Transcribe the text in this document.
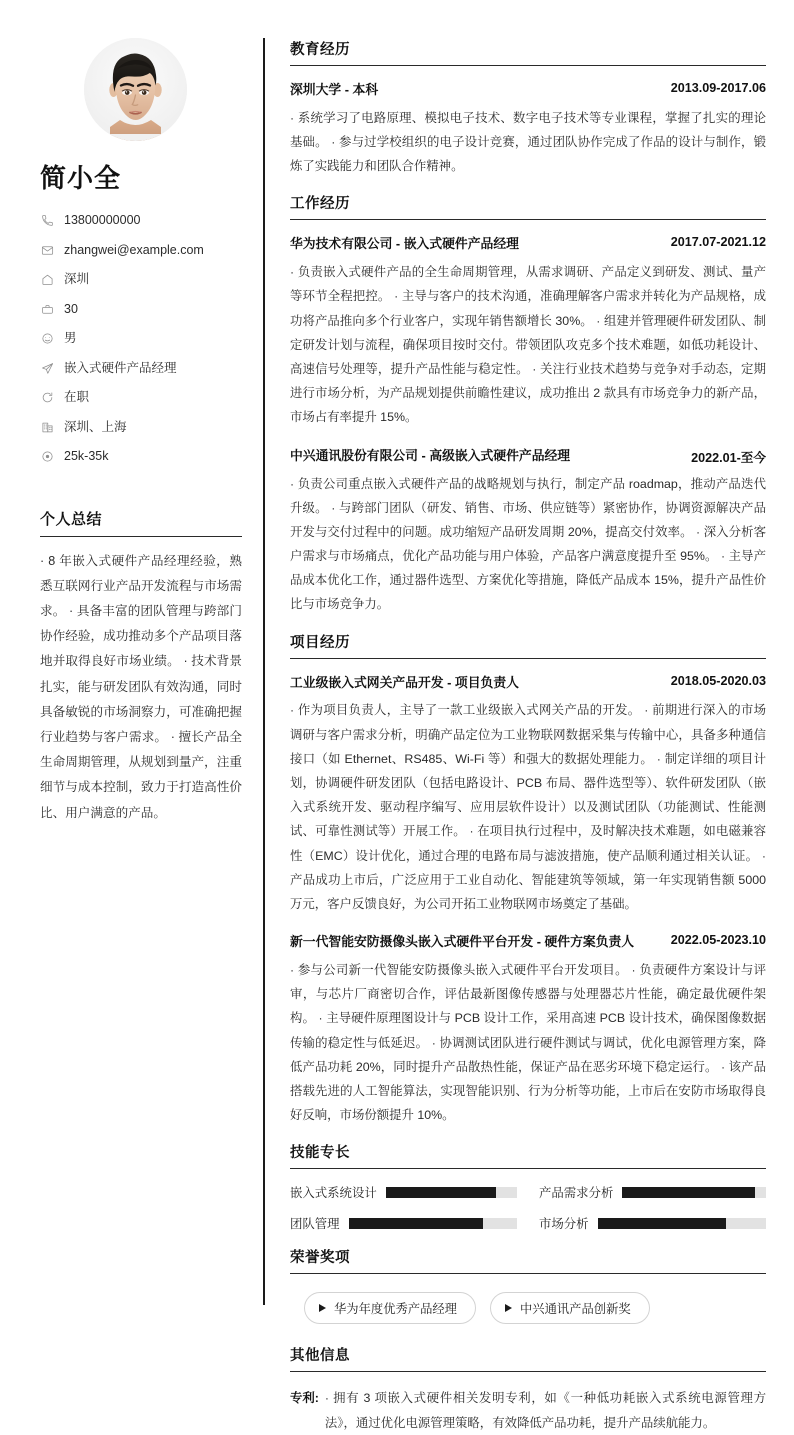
简小全
13800000000
zhangwei@example.com
深圳
30
男
嵌入式硬件产品经理
在职
深圳、上海
25k-35k
个人总结
· 8 年嵌入式硬件产品经理经验，熟悉互联网行业产品开发流程与市场需求。 · 具备丰富的团队管理与跨部门协作经验，成功推动多个产品项目落地并取得良好市场业绩。 · 技术背景扎实，能与研发团队有效沟通，同时具备敏锐的市场洞察力，可准确把握行业趋势与客户需求。 · 擅长产品全生命周期管理，从规划到量产，注重细节与成本控制，致力于打造高性价比、用户满意的产品。
教育经历
深圳大学 - 本科	2013.09-2017.06
· 系统学习了电路原理、模拟电子技术、数字电子技术等专业课程，掌握了扎实的理论基础。 · 参与过学校组织的电子设计竞赛，通过团队协作完成了作品的设计与制作，锻炼了实践能力和团队合作精神。
工作经历
华为技术有限公司 - 嵌入式硬件产品经理	2017.07-2021.12
· 负责嵌入式硬件产品的全生命周期管理，从需求调研、产品定义到研发、测试、量产等环节全程把控。 · 主导与客户的技术沟通，准确理解客户需求并转化为产品规格，成功将产品推向多个行业客户，实现年销售额增长 30%。 · 组建并管理硬件研发团队、制定研发计划与流程，确保项目按时交付。带领团队攻克多个技术难题，如低功耗设计、高速信号处理等，提升产品性能与稳定性。 · 关注行业技术趋势与竞争对手动态，定期进行市场分析，为产品规划提供前瞻性建议，成功推出 2 款具有市场竞争力的新产品，市场占有率提升 15%。
中兴通讯股份有限公司 - 高级嵌入式硬件产品经理	2022.01-至今
· 负责公司重点嵌入式硬件产品的战略规划与执行，制定产品 roadmap，推动产品迭代升级。 · 与跨部门团队（研发、销售、市场、供应链等）紧密协作，协调资源解决产品开发与交付过程中的问题。成功缩短产品研发周期 20%，提高交付效率。 · 深入分析客户需求与市场痛点，优化产品功能与用户体验，产品客户满意度提升至 95%。 · 主导产品成本优化工作，通过器件选型、方案优化等措施，降低产品成本 15%，提升产品性价比与市场竞争力。
项目经历
工业级嵌入式网关产品开发 - 项目负责人	2018.05-2020.03
· 作为项目负责人，主导了一款工业级嵌入式网关产品的开发。 · 前期进行深入的市场调研与客户需求分析，明确产品定位为工业物联网数据采集与传输中心，具备多种通信接口（如 Ethernet、RS485、Wi-Fi 等）和强大的数据处理能力。 · 制定详细的项目计划，协调硬件研发团队（包括电路设计、PCB 布局、器件选型等）、软件研发团队（嵌入式系统开发、驱动程序编写、应用层软件设计）以及测试团队（功能测试、性能测试、可靠性测试等）开展工作。 · 在项目执行过程中，及时解决技术难题，如电磁兼容性（EMC）设计优化，通过合理的电路布局与滤波措施，使产品顺利通过相关认证。 · 产品成功上市后，广泛应用于工业自动化、智能建筑等领域，第一年实现销售额 5000 万元，客户反馈良好，为公司开拓工业物联网市场奠定了基础。
新一代智能安防摄像头嵌入式硬件平台开发 - 硬件方案负责人	2022.05-2023.10
· 参与公司新一代智能安防摄像头嵌入式硬件平台开发项目。 · 负责硬件方案设计与评审，与芯片厂商密切合作，评估最新图像传感器与处理器芯片性能，确定最优硬件架构。 · 主导硬件原理图设计与 PCB 设计工作，采用高速 PCB 设计技术，确保图像数据传输的稳定性与低延迟。 · 协调测试团队进行硬件测试与调试，优化电源管理方案，降低产品功耗 20%，同时提升产品散热性能，保证产品在恶劣环境下稳定运行。 · 该产品搭载先进的人工智能算法，实现智能识别、行为分析等功能，上市后在安防市场取得良好反响，市场份额提升 10%。
技能专长
嵌入式系统设计	产品需求分析
团队管理	市场分析
荣誉奖项
华为年度优秀产品经理	中兴通讯产品创新奖
其他信息
专利: · 拥有 3 项嵌入式硬件相关发明专利，如《一种低功耗嵌入式系统电源管理方法》，通过优化电源管理策略，有效降低产品功耗，提升产品续航能力。
